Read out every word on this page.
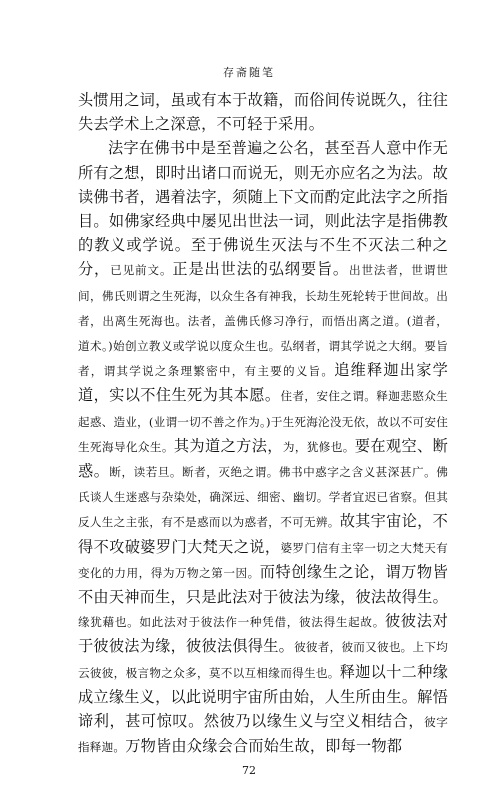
存斋随笔

头惯用之词，虽或有本于故籍，而俗间传说既久，往往失去学术上之深意，不可轻于采用。

法字在佛书中是至普遍之公名，甚至吾人意中作无所有之想，即时出诸口而说无，则无亦应名之为法。故读佛书者，遇着法字，须随上下文而酌定此法字之所指目。如佛家经典中屡见出世法一词，则此法字是指佛教的教义或学说。至于佛说生灭法与不生不灭法二种之分，已见前文。正是出世法的弘纲要旨。出世法者，世谓世间，佛氏则谓之生死海，以众生各有神我，长劫生死轮转于世间故。出者，出离生死海也。法者，盖佛氏修习净行，而悟出离之道。(道者，道术。)始创立教义或学说以度众生也。弘纲者，谓其学说之大纲。要旨者，谓其学说之条理繁密中，有主要的义旨。追维释迦出家学道，实以不住生死为其本愿。住者，安住之谓。释迦悲愍众生起惑、造业，(业谓一切不善之作为。)于生死海沦没无依，故以不可安住生死海导化众生。其为道之方法，为，犹修也。要在观空、断惑。断，读若旦。断者，灭绝之谓。佛书中惑字之含义甚深甚广。佛氏谈人生迷惑与杂染处，确深远、细密、幽切。学者宜迟已省察。但其反人生之主张，有不是惑而以为惑者，不可无辨。故其宇宙论，不得不攻破婆罗门大梵天之说，婆罗门信有主宰一切之大梵天有变化的力用，得为万物之第一因。而特创缘生之论，谓万物皆不由天神而生，只是此法对于彼法为缘，彼法故得生。缘犹藉也。如此法对于彼法作一种凭借，彼法得生起故。彼彼法对于彼彼法为缘，彼彼法俱得生。彼彼者，彼而又彼也。上下均云彼彼，极言物之众多，莫不以互相缘而得生也。释迦以十二种缘成立缘生义，以此说明宇宙所由始，人生所由生。解悟谛利，甚可惊叹。然彼乃以缘生义与空义相结合，彼字指释迦。万物皆由众缘会合而始生故，即每一物都

72
